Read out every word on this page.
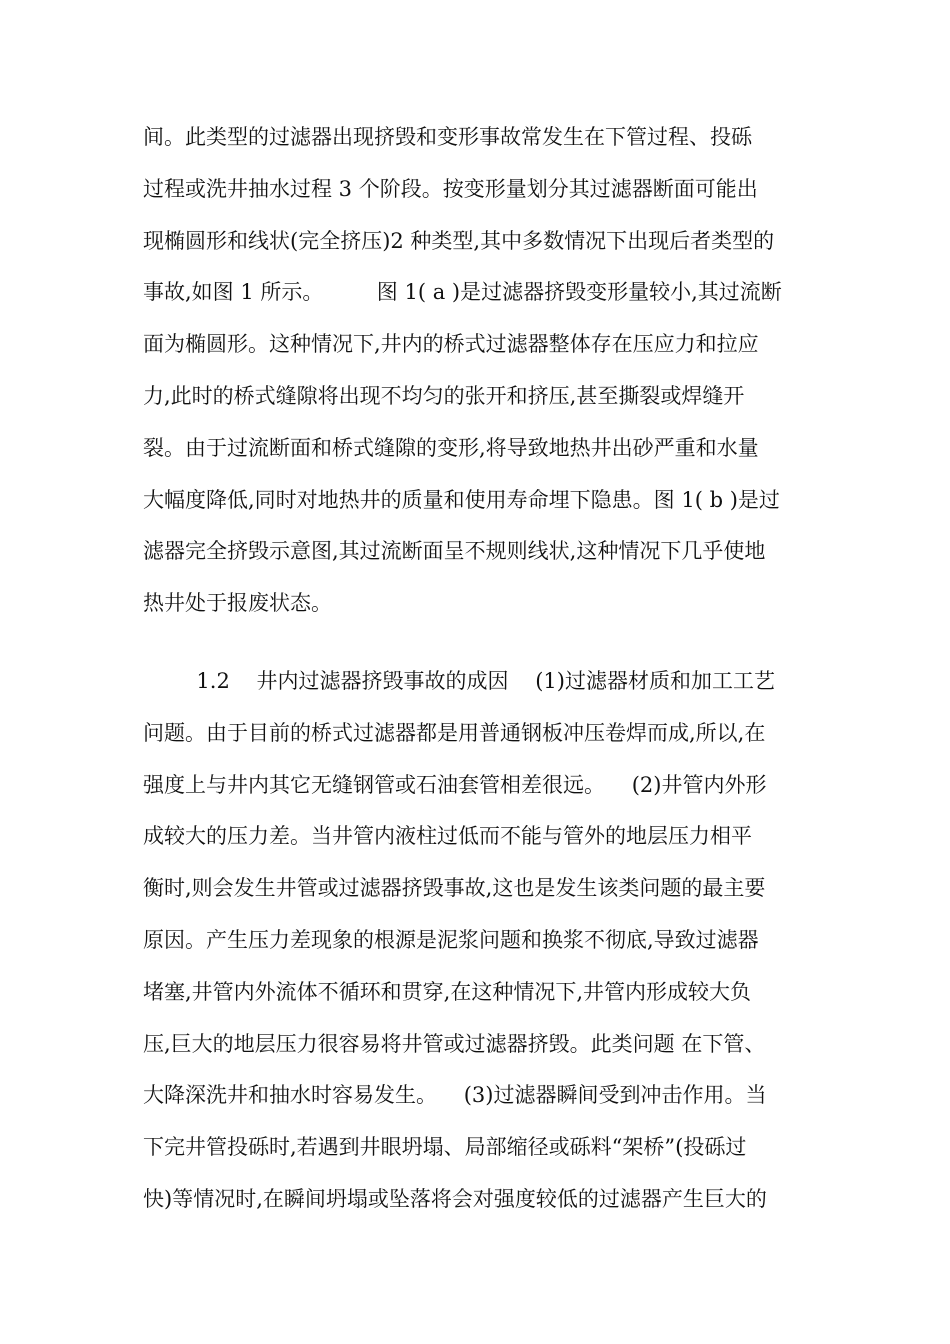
间。此类型的过滤器出现挤毁和变形事故常发生在下管过程、投砾
过程或洗井抽水过程 3 个阶段。按变形量划分其过滤器断面可能出
现椭圆形和线状(完全挤压)2 种类型,其中多数情况下出现后者类型的
事故,如图 1 所示。        图 1( a )是过滤器挤毁变形量较小,其过流断
面为椭圆形。这种情况下,井内的桥式过滤器整体存在压应力和拉应
力,此时的桥式缝隙将出现不均匀的张开和挤压,甚至撕裂或焊缝开
裂。由于过流断面和桥式缝隙的变形,将导致地热井出砂严重和水量
大幅度降低,同时对地热井的质量和使用寿命埋下隐患。图 1( b )是过
滤器完全挤毁示意图,其过流断面呈不规则线状,这种情况下几乎使地
热井处于报废状态。
1.2    井内过滤器挤毁事故的成因    (1)过滤器材质和加工工艺
问题。由于目前的桥式过滤器都是用普通钢板冲压卷焊而成,所以,在
强度上与井内其它无缝钢管或石油套管相差很远。    (2)井管内外形
成较大的压力差。当井管内液柱过低而不能与管外的地层压力相平
衡时,则会发生井管或过滤器挤毁事故,这也是发生该类问题的最主要
原因。产生压力差现象的根源是泥浆问题和换浆不彻底,导致过滤器
堵塞,井管内外流体不循环和贯穿,在这种情况下,井管内形成较大负
压,巨大的地层压力很容易将井管或过滤器挤毁。此类问题 在下管、
大降深洗井和抽水时容易发生。    (3)过滤器瞬间受到冲击作用。当
下完井管投砾时,若遇到井眼坍塌、局部缩径或砾料“架桥”(投砾过
快)等情况时,在瞬间坍塌或坠落将会对强度较低的过滤器产生巨大的
